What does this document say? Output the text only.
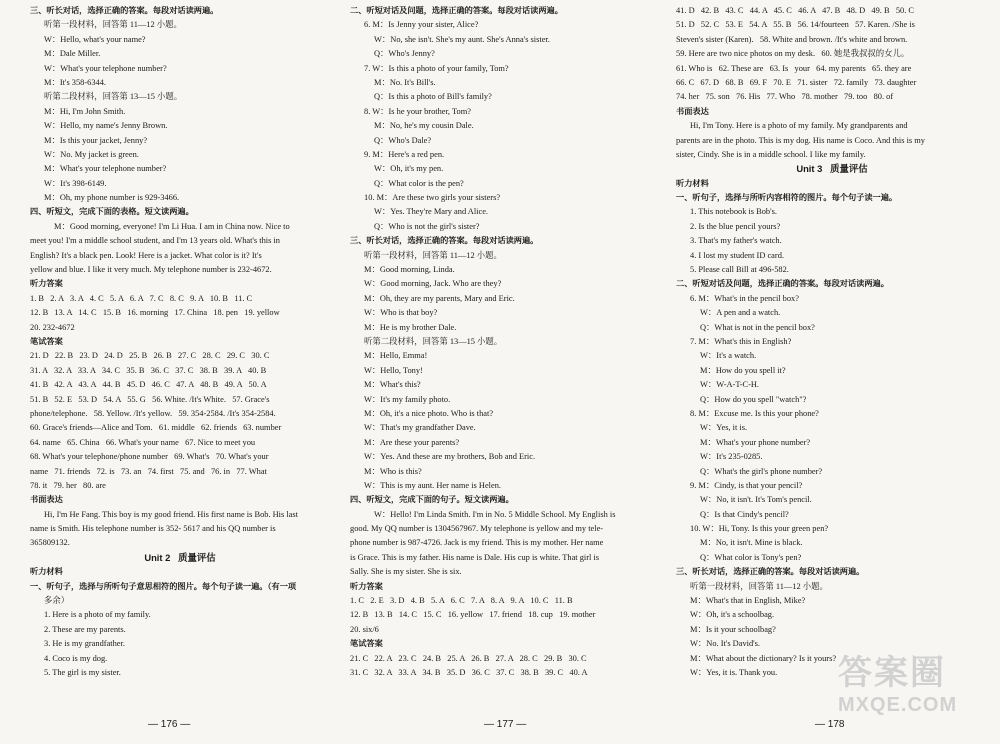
三、听长对话，选择正确的答案。每段对话读两遍。
听第一段材料，回答第 11—12 小题。
W：Hello, what's your name?
M：Dale Miller.
W：What's your telephone number?
M：It's 358-6344.
听第二段材料，回答第 13—15 小题。
M：Hi, I'm John Smith.
W：Hello, my name's Jenny Brown.
M：Is this your jacket, Jenny?
W：No. My jacket is green.
M：What's your telephone number?
W：It's 398-6149.
M：Oh, my phone number is 929-3466.
四、听短文，完成下面的表格。短文读两遍。
M：Good morning, everyone! I'm Li Hua. I am in China now. Nice to
meet you! I'm a middle school student, and I'm 13 years old. What's this in
English? It's a black pen. Look! Here is a jacket. What color is it? It's
yellow and blue. I like it very much. My telephone number is 232-4672.
听力答案
1. B   2. A   3. A   4. C   5. A   6. A   7. C   8. C   9. A   10. B   11. C
12. B   13. A   14. C   15. B   16. morning   17. China   18. pen   19. yellow
20. 232-4672
笔试答案
21. D   22. B   23. D   24. D   25. B   26. B   27. C   28. C   29. C   30. C
31. A   32. A   33. A   34. C   35. B   36. C   37. C   38. B   39. A   40. B
41. B   42. A   43. A   44. B   45. D   46. C   47. A   48. B   49. A   50. A
51. B   52. E   53. D   54. A   55. G   56. White. /It's White.   57. Grace's
phone/telephone.   58. Yellow. /It's yellow.   59. 354-2584. /It's 354-2584.
60. Grace's friends—Alice and Tom.   61. middle   62. friends   63. number
64. name   65. China   66. What's your name   67. Nice to meet you
68. What's your telephone/phone number   69. What's   70. What's your
name   71. friends   72. is   73. an   74. first   75. and   76. in   77. What
78. it   79. her   80. are
书面表达
Hi, I'm He Fang. This boy is my good friend. His first name is Bob. His last
name is Smith. His telephone number is 352- 5617 and his QQ number is
365809132.
Unit 2   质量评估
听力材料
一、听句子，选择与所听句子意思相符的图片。每个句子读一遍。（有一项
多余）
1. Here is a photo of my family.
2. These are my parents.
3. He is my grandfather.
4. Coco is my dog.
5. The girl is my sister.
二、听短对话及问题，选择正确的答案。每段对话读两遍。
6. M：Is Jenny your sister, Alice?
W：No, she isn't. She's my aunt. She's Anna's sister.
Q：Who's Jenny?
7. W：Is this a photo of your family, Tom?
M：No. It's Bill's.
Q：Is this a photo of Bill's family?
8. W：Is he your brother, Tom?
M：No, he's my cousin Dale.
Q：Who's Dale?
9. M：Here's a red pen.
W：Oh, it's my pen.
Q：What color is the pen?
10. M：Are these two girls your sisters?
W：Yes. They're Mary and Alice.
Q：Who is not the girl's sister?
三、听长对话，选择正确的答案。每段对话读两遍。
听第一段材料，回答第 11—12 小题。
M：Good morning, Linda.
W：Good morning, Jack. Who are they?
M：Oh, they are my parents, Mary and Eric.
W：Who is that boy?
M：He is my brother Dale.
听第二段材料，回答第 13—15 小题。
M：Hello, Emma!
W：Hello, Tony!
M：What's this?
W：It's my family photo.
M：Oh, it's a nice photo. Who is that?
W：That's my grandfather Dave.
M：Are these your parents?
W：Yes. And these are my brothers, Bob and Eric.
M：Who is this?
W：This is my aunt. Her name is Helen.
四、听短文，完成下面的句子。短文读两遍。
W：Hello! I'm Linda Smith. I'm in No. 5 Middle School. My English is
good. My QQ number is 1304567967. My telephone is yellow and my tele-
phone number is 987-4726. Jack is my friend. This is my mother. Her name
is Grace. This is my father. His name is Dale. His cup is white. That girl is
Sally. She is my sister. She is six.
听力答案
1. C   2. E   3. D   4. B   5. A   6. C   7. A   8. A   9. A   10. C   11. B
12. B   13. B   14. C   15. C   16. yellow   17. friend   18. cup   19. mother
20. six/6
笔试答案
21. C   22. A   23. C   24. B   25. A   26. B   27. A   28. C   29. B   30. C
31. C   32. A   33. A   34. B   35. D   36. C   37. C   38. B   39. C   40. A
41. D   42. B   43. C   44. A   45. C   46. A   47. B   48. D   49. B   50. C
51. D   52. C   53. E   54. A   55. B   56. 14/fourteen   57. Karen. /She is
Steven's sister (Karen).   58. White and brown. /It's white and brown.
59. Here are two nice photos on my desk.   60. 她是我叔叔的女儿。
61. Who is   62. These are   63. Is   your   64. my parents   65. they are
66. C   67. D   68. B   69. F   70. E   71. sister   72. family   73. daughter
74. her   75. son   76. His   77. Who   78. mother   79. too   80. of
书面表达
Hi, I'm Tony. Here is a photo of my family. My grandparents and
parents are in the photo. This is my dog. His name is Coco. And this is my
sister, Cindy. She is in a middle school. I like my family.
Unit 3   质量评估
听力材料
一、听句子，选择与所听内容相符的图片。每个句子读一遍。
1. This notebook is Bob's.
2. Is the blue pencil yours?
3. That's my father's watch.
4. I lost my student ID card.
5. Please call Bill at 496-582.
二、听短对话及问题，选择正确的答案。每段对话读两遍。
6. M：What's in the pencil box?
W：A pen and a watch.
Q：What is not in the pencil box?
7. M：What's this in English?
W：It's a watch.
M：How do you spell it?
W：W-A-T-C-H.
Q：How do you spell "watch"?
8. M：Excuse me. Is this your phone?
W：Yes, it is.
M：What's your phone number?
W：It's 235-0285.
Q：What's the girl's phone number?
9. M：Cindy, is that your pencil?
W：No, it isn't. It's Tom's pencil.
Q：Is that Cindy's pencil?
10. W：Hi, Tony. Is this your green pen?
M：No, it isn't. Mine is black.
Q：What color is Tony's pen?
三、听长对话，选择正确的答案。每段对话读两遍。
听第一段材料，回答第 11—12 小题。
M：What's that in English, Mike?
W：Oh, it's a schoolbag.
M：Is it your schoolbag?
W：No. It's David's.
M：What about the dictionary? Is it yours?
W：Yes, it is. Thank you.
— 176 —	— 177 —	— 178
答案圈
MXQE.COM
